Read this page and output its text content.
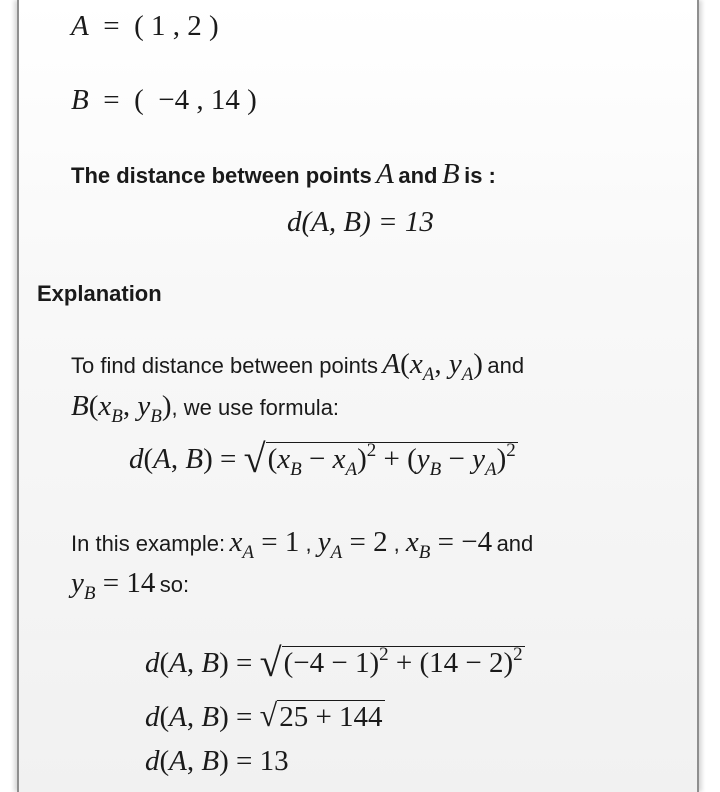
A  =  ( 1 , 2 )
B  =  (  −4 , 14 )
The distance between points A and B is :
d(A, B) = 13
Explanation
To find distance between points A(xA, yA) and
B(xB, yB), we use formula:
d(A, B) = √(xB − xA)2 + (yB − yA)2
In this example: xA = 1 , yA = 2 , xB = −4 and
yB = 14 so:
d(A, B) = √(−4 − 1)2 + (14 − 2)2
d(A, B) = √25 + 144
d(A, B) = 13
